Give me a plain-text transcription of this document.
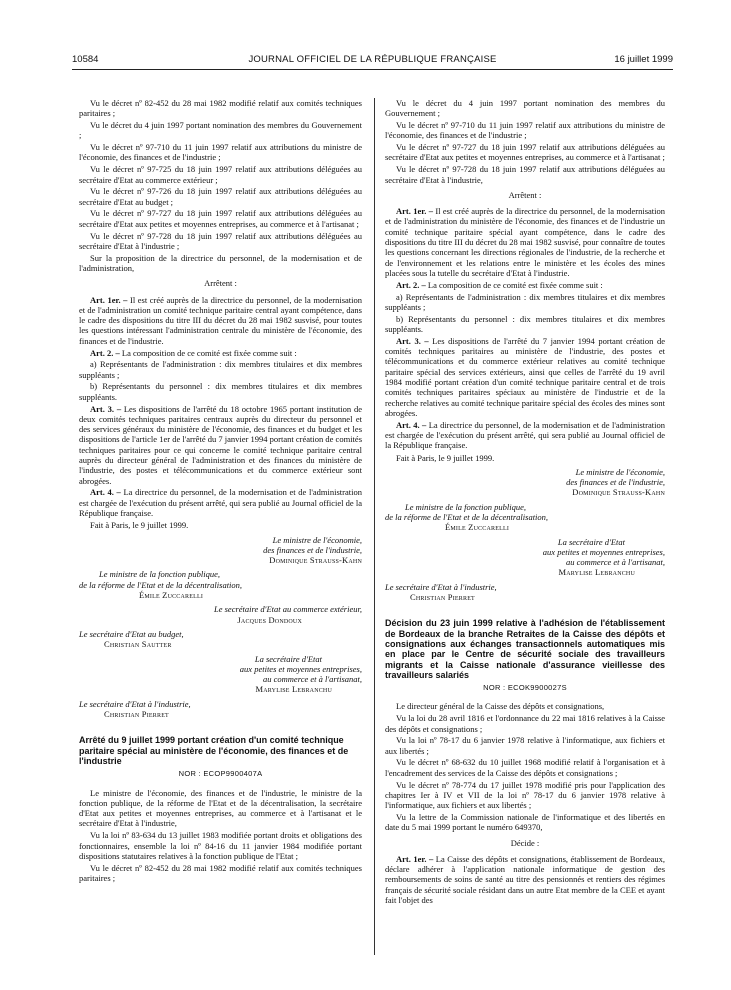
10584	JOURNAL OFFICIEL DE LA RÉPUBLIQUE FRANÇAISE	16 juillet 1999

Vu le décret nº 82-452 du 28 mai 1982 modifié relatif aux comités techniques paritaires ;

Vu le décret du 4 juin 1997 portant nomination des membres du Gouvernement ;

Vu le décret nº 97-710 du 11 juin 1997 relatif aux attributions du ministre de l'économie, des finances et de l'industrie ;

Vu le décret nº 97-725 du 18 juin 1997 relatif aux attributions déléguées au secrétaire d'Etat au commerce extérieur ;

Vu le décret nº 97-726 du 18 juin 1997 relatif aux attributions déléguées au secrétaire d'Etat au budget ;

Vu le décret nº 97-727 du 18 juin 1997 relatif aux attributions déléguées au secrétaire d'Etat aux petites et moyennes entreprises, au commerce et à l'artisanat ;

Vu le décret nº 97-728 du 18 juin 1997 relatif aux attributions déléguées au secrétaire d'Etat à l'industrie ;

Sur la proposition de la directrice du personnel, de la modernisation et de l'administration,

Arrêtent :

Art. 1er. – Il est créé auprès de la directrice du personnel, de la modernisation et de l'administration un comité technique paritaire central ayant compétence, dans le cadre des dispositions du titre III du décret du 28 mai 1982 susvisé, pour toutes les questions intéressant l'administration centrale du ministère de l'économie, des finances et de l'industrie.

Art. 2. – La composition de ce comité est fixée comme suit :

a) Représentants de l'administration : dix membres titulaires et dix membres suppléants ;

b) Représentants du personnel : dix membres titulaires et dix membres suppléants.

Art. 3. – Les dispositions de l'arrêté du 18 octobre 1965 portant institution de deux comités techniques paritaires centraux auprès du directeur du personnel et des services généraux du ministère de l'économie, des finances et du budget et les dispositions de l'article 1er de l'arrêté du 7 janvier 1994 portant création de comités techniques paritaires pour ce qui concerne le comité technique paritaire central auprès du directeur général de l'administration et des finances du ministère de l'industrie, des postes et télécommunications et du commerce extérieur sont abrogées.

Art. 4. – La directrice du personnel, de la modernisation et de l'administration est chargée de l'exécution du présent arrêté, qui sera publié au Journal officiel de la République française.

Fait à Paris, le 9 juillet 1999.

Le ministre de l'économie,
des finances et de l'industrie,
Dominique Strauss-Kahn
Le ministre de la fonction publique,
de la réforme de l'Etat et de la décentralisation,
Émile Zuccarelli
Le secrétaire d'Etat au commerce extérieur,
Jacques Dondoux
Le secrétaire d'Etat au budget,
Christian Sautter
La secrétaire d'Etat
aux petites et moyennes entreprises,
au commerce et à l'artisanat,
Marylise Lebranchu
Le secrétaire d'Etat à l'industrie,
Christian Pierret
Arrêté du 9 juillet 1999 portant création d'un comité technique paritaire spécial au ministère de l'économie, des finances et de l'industrie
NOR : ECOP9900407A

Le ministre de l'économie, des finances et de l'industrie, le ministre de la fonction publique, de la réforme de l'Etat et de la décentralisation, la secrétaire d'Etat aux petites et moyennes entreprises, au commerce et à l'artisanat et le secrétaire d'Etat à l'industrie,

Vu la loi nº 83-634 du 13 juillet 1983 modifiée portant droits et obligations des fonctionnaires, ensemble la loi nº 84-16 du 11 janvier 1984 modifiée portant dispositions statutaires relatives à la fonction publique de l'Etat ;

Vu le décret nº 82-452 du 28 mai 1982 modifié relatif aux comités techniques paritaires ;

Vu le décret du 4 juin 1997 portant nomination des membres du Gouvernement ;

Vu le décret nº 97-710 du 11 juin 1997 relatif aux attributions du ministre de l'économie, des finances et de l'industrie ;

Vu le décret nº 97-727 du 18 juin 1997 relatif aux attributions déléguées au secrétaire d'Etat aux petites et moyennes entreprises, au commerce et à l'artisanat ;

Vu le décret nº 97-728 du 18 juin 1997 relatif aux attributions déléguées au secrétaire d'Etat à l'industrie,

Arrêtent :

Art. 1er. – Il est créé auprès de la directrice du personnel, de la modernisation et de l'administration du ministère de l'économie, des finances et de l'industrie un comité technique paritaire spécial ayant compétence, dans le cadre des dispositions du titre III du décret du 28 mai 1982 susvisé, pour connaître de toutes les questions concernant les directions régionales de l'industrie, de la recherche et de l'environnement et les relations entre le ministère et les écoles des mines placées sous la tutelle du secrétaire d'Etat à l'industrie.

Art. 2. – La composition de ce comité est fixée comme suit :

a) Représentants de l'administration : dix membres titulaires et dix membres suppléants ;

b) Représentants du personnel : dix membres titulaires et dix membres suppléants.

Art. 3. – Les dispositions de l'arrêté du 7 janvier 1994 portant création de comités techniques paritaires au ministère de l'industrie, des postes et télécommunications et du commerce extérieur relatives au comité technique paritaire spécial des services extérieurs, ainsi que celles de l'arrêté du 19 avril 1984 modifié portant création d'un comité technique paritaire central et de trois comités techniques paritaires spéciaux au ministère de l'industrie et de la recherche relatives au comité technique paritaire spécial des écoles des mines sont abrogées.

Art. 4. – La directrice du personnel, de la modernisation et de l'administration est chargée de l'exécution du présent arrêté, qui sera publié au Journal officiel de la République française.

Fait à Paris, le 9 juillet 1999.

Le ministre de l'économie,
des finances et de l'industrie,
Dominique Strauss-Kahn
Le ministre de la fonction publique,
de la réforme de l'Etat et de la décentralisation,
Émile Zuccarelli
La secrétaire d'Etat
aux petites et moyennes entreprises,
au commerce et à l'artisanat,
Marylise Lebranchu
Le secrétaire d'Etat à l'industrie,
Christian Pierret
Décision du 23 juin 1999 relative à l'adhésion de l'établissement de Bordeaux de la branche Retraites de la Caisse des dépôts et consignations aux échanges transactionnels automatiques mis en place par le Centre de sécurité sociale des travailleurs migrants et la Caisse nationale d'assurance vieillesse des travailleurs salariés
NOR : ECOK9900027S

Le directeur général de la Caisse des dépôts et consignations,

Vu la loi du 28 avril 1816 et l'ordonnance du 22 mai 1816 relatives à la Caisse des dépôts et consignations ;

Vu la loi nº 78-17 du 6 janvier 1978 relative à l'informatique, aux fichiers et aux libertés ;

Vu le décret nº 68-632 du 10 juillet 1968 modifié relatif à l'organisation et à l'encadrement des services de la Caisse des dépôts et consignations ;

Vu le décret nº 78-774 du 17 juillet 1978 modifié pris pour l'application des chapitres Ier à IV et VII de la loi nº 78-17 du 6 janvier 1978 relative à l'informatique, aux fichiers et aux libertés ;

Vu la lettre de la Commission nationale de l'informatique et des libertés en date du 5 mai 1999 portant le numéro 649370,

Décide :

Art. 1er. – La Caisse des dépôts et consignations, établissement de Bordeaux, déclare adhérer à l'application nationale informatique de gestion des remboursements de soins de santé au titre des pensionnés et rentiers des régimes français de sécurité sociale résidant dans un autre Etat membre de la CEE et ayant fait l'objet des
